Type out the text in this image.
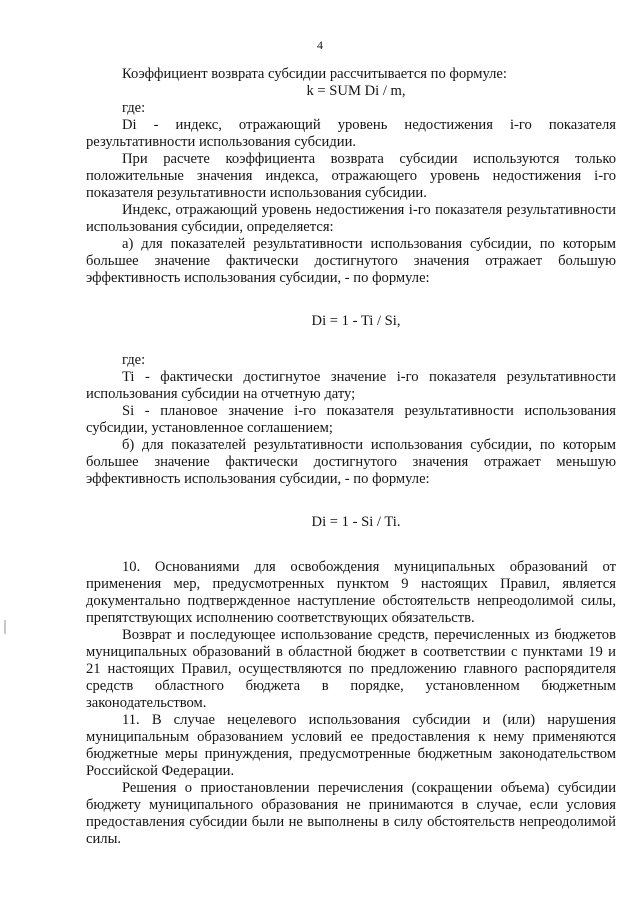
4

Коэффициент возврата субсидии рассчитывается по формуле:

k = SUM Di / m,

где:

Di - индекс, отражающий уровень недостижения i-го показателя результативности использования субсидии.

При расчете коэффициента возврата субсидии используются только положительные значения индекса, отражающего уровень недостижения i-го показателя результативности использования субсидии.

Индекс, отражающий уровень недостижения i-го показателя результативности использования субсидии, определяется:

а) для показателей результативности использования субсидии, по которым большее значение фактически достигнутого значения отражает большую эффективность использования субсидии, - по формуле:

Di = 1 - Ti / Si,

где:

Ti - фактически достигнутое значение i-го показателя результативности использования субсидии на отчетную дату;

Si - плановое значение i-го показателя результативности использования субсидии, установленное соглашением;

б) для показателей результативности использования субсидии, по которым большее значение фактически достигнутого значения отражает меньшую эффективность использования субсидии, - по формуле:

Di = 1 - Si / Ti.

10. Основаниями для освобождения муниципальных образований от применения мер, предусмотренных пунктом 9 настоящих Правил, является документально подтвержденное наступление обстоятельств непреодолимой силы, препятствующих исполнению соответствующих обязательств.

Возврат и последующее использование средств, перечисленных из бюджетов муниципальных образований в областной бюджет в соответствии с пунктами 19 и 21 настоящих Правил, осуществляются по предложению главного распорядителя средств областного бюджета в порядке, установленном бюджетным законодательством.

11. В случае нецелевого использования субсидии и (или) нарушения муниципальным образованием условий ее предоставления к нему применяются бюджетные меры принуждения, предусмотренные бюджетным законодательством Российской Федерации.

Решения о приостановлении перечисления (сокращении объема) субсидии бюджету муниципального образования не принимаются в случае, если условия предоставления субсидии были не выполнены в силу обстоятельств непреодолимой силы.
